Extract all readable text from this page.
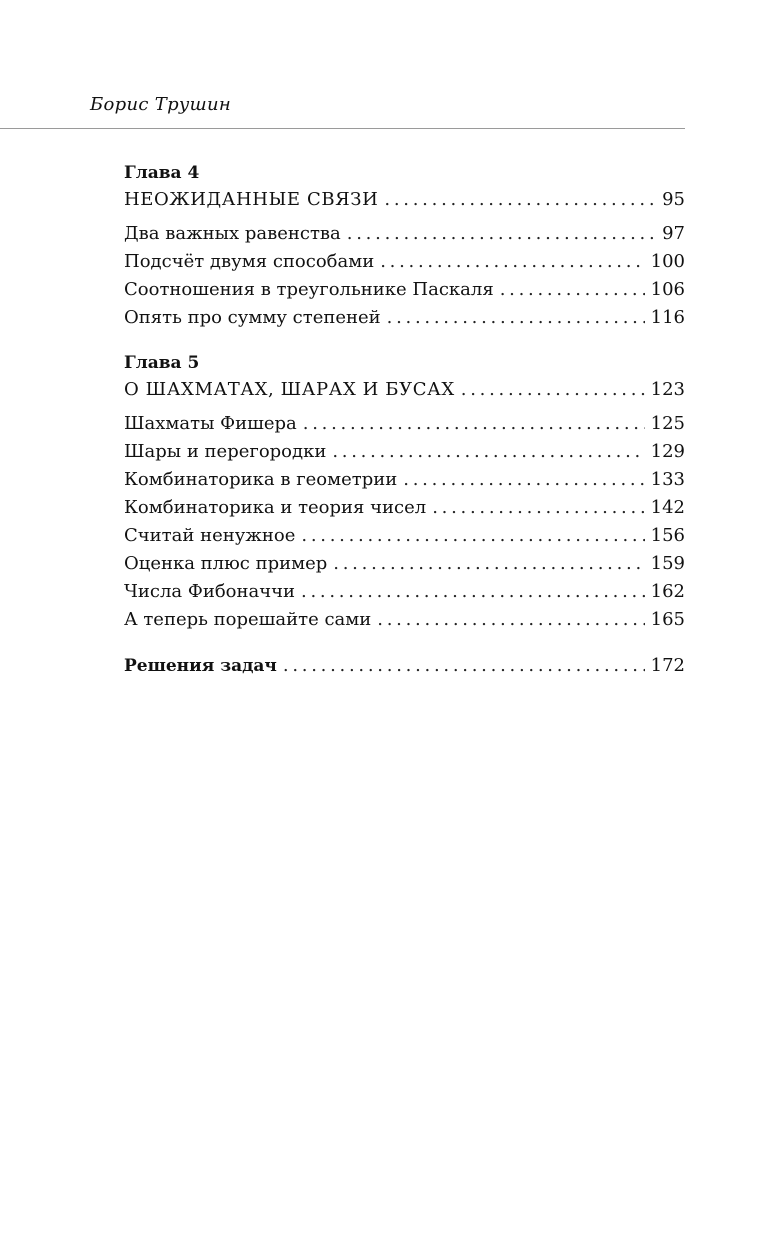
Борис Трушин
Глава 4
НЕОЖИДАННЫЕ СВЯЗИ . . .	95
Два важных равенства . . .	97
Подсчёт двумя способами . . .	100
Соотношения в треугольнике Паскаля . . .	106
Опять про сумму степеней . . .	116
Глава 5
О ШАХМАТАХ, ШАРАХ И БУСАХ . . .	123
Шахматы Фишера . . .	125
Шары и перегородки . . .	129
Комбинаторика в геометрии . . .	133
Комбинаторика и теория чисел . . .	142
Считай ненужное . . .	156
Оценка плюс пример . . .	159
Числа Фибоначчи . . .	162
А теперь порешайте сами . . .	165
Решения задач . . .	172
